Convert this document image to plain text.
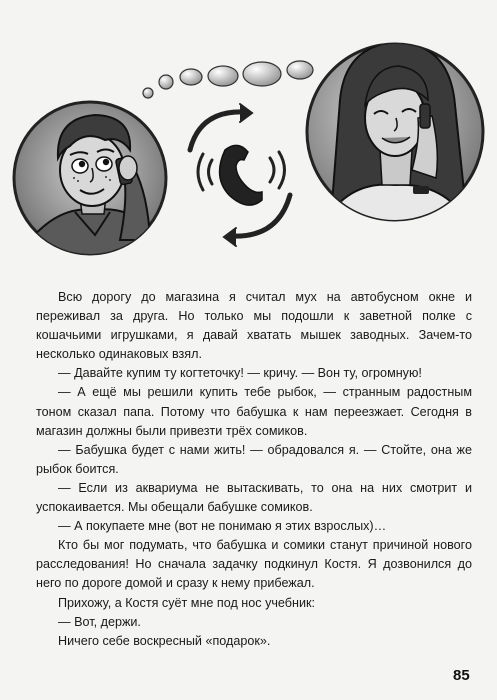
Всю дорогу до магазина я считал мух на автобусном окне и переживал за друга. Но только мы подошли к заветной полке с кошачьими игрушками, я давай хватать мышек заводных. Зачем-то несколько одинаковых взял.

— Давайте купим ту когтеточку! — кричу. — Вон ту, огромную!

— А ещё мы решили купить тебе рыбок, — странным радостным тоном сказал папа. Потому что бабушка к нам переезжает. Сегодня в магазин должны были привезти трёх сомиков.

— Бабушка будет с нами жить! — обрадовался я. — Стойте, она же рыбок боится.

— Если из аквариума не вытаскивать, то она на них смотрит и успокаивается. Мы обещали бабушке сомиков.

— А покупаете мне (вот не понимаю я этих взрослых)…

Кто бы мог подумать, что бабушка и сомики станут причиной нового расследования! Но сначала задачку подкинул Костя. Я дозвонился до него по дороге домой и сразу к нему прибежал.

Прихожу, а Костя суёт мне под нос учебник:

— Вот, держи.

Ничего себе воскресный «подарок».

85
